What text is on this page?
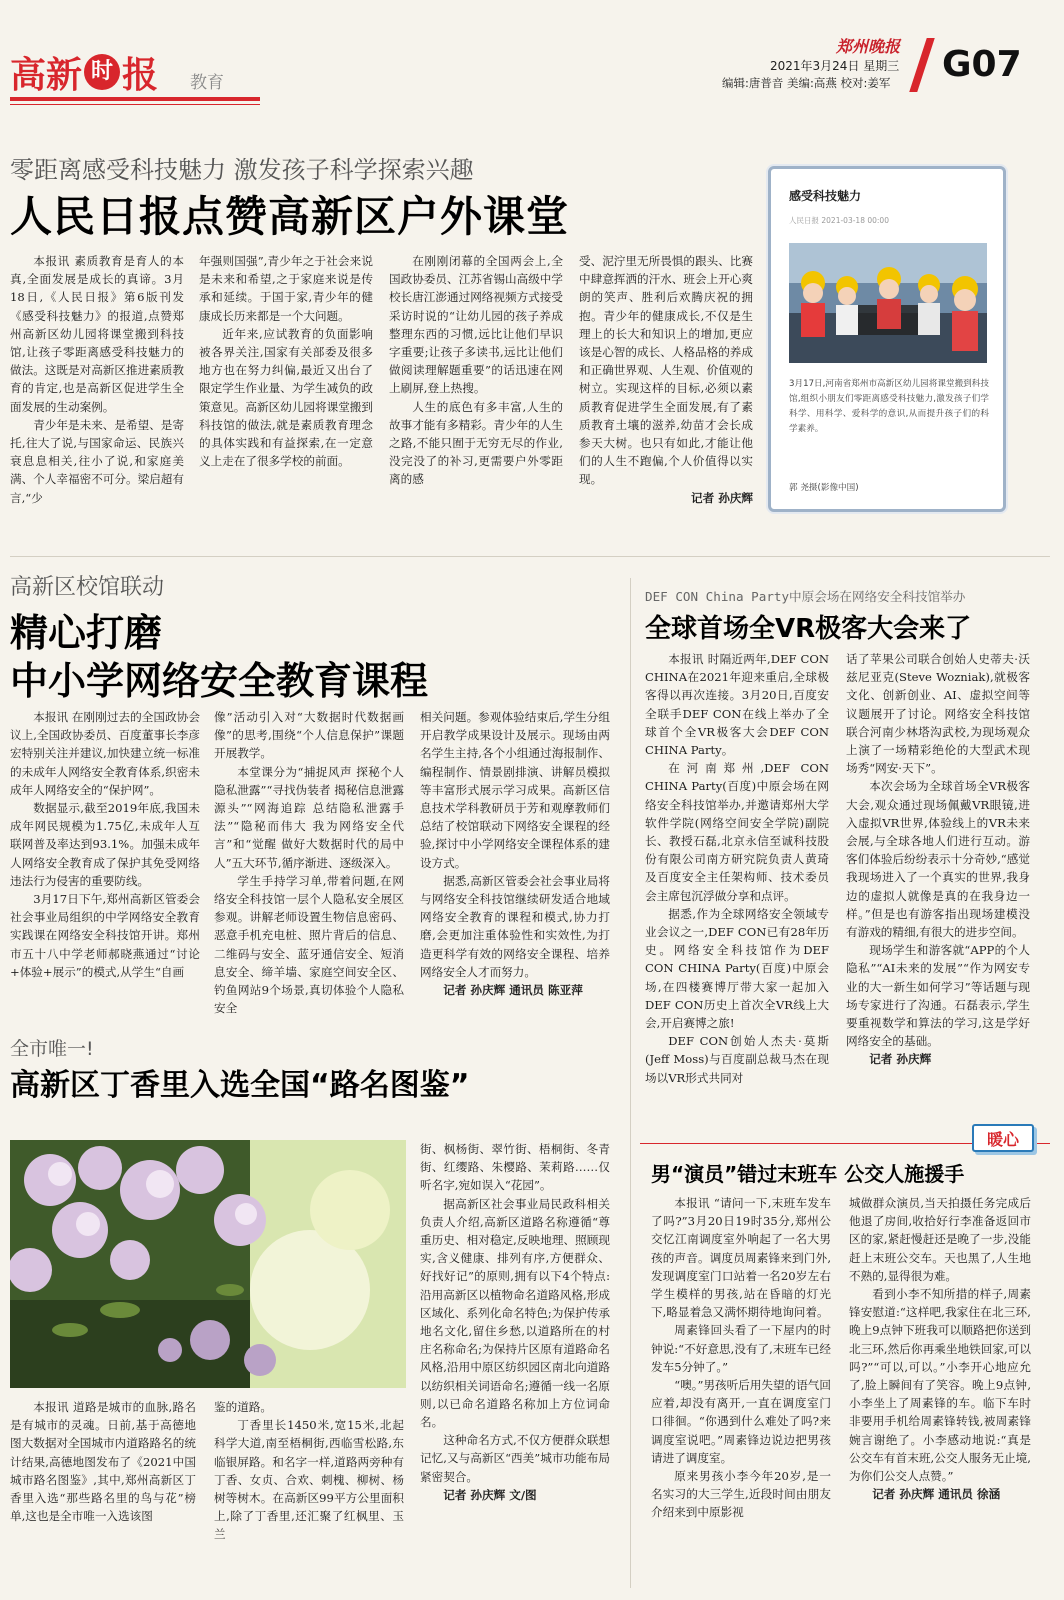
高新 时 报 教育
郑州晚报
2021年3月24日 星期三
编辑:唐普音 美编:高燕 校对:姜军 G07
零距离感受科技魅力 激发孩子科学探索兴趣
人民日报点赞高新区户外课堂

本报讯 素质教育是育人的本真,全面发展是成长的真谛。3月18日,《人民日报》第6版刊发《感受科技魅力》的报道,点赞郑州高新区幼儿园将课堂搬到科技馆,让孩子零距离感受科技魅力的做法。这既是对高新区推进素质教育的肯定,也是高新区促进学生全面发展的生动案例。

青少年是未来、是希望、是寄托,往大了说,与国家命运、民族兴衰息息相关,往小了说,和家庭美满、个人幸福密不可分。梁启超有言,“少

年强则国强”,青少年之于社会来说是未来和希望,之于家庭来说是传承和延续。于国于家,青少年的健康成长历来都是一个大问题。

近年来,应试教育的负面影响被各界关注,国家有关部委及很多地方也在努力纠偏,最近又出台了限定学生作业量、为学生减负的政策意见。高新区幼儿园将课堂搬到科技馆的做法,就是素质教育理念的具体实践和有益探索,在一定意义上走在了很多学校的前面。

在刚刚闭幕的全国两会上,全国政协委员、江苏省锡山高级中学校长唐江澎通过网络视频方式接受采访时说的“让幼儿园的孩子养成整理东西的习惯,远比让他们早识字重要;让孩子多读书,远比让他们做阅读理解题重要”的话迅速在网上刷屏,登上热搜。

人生的底色有多丰富,人生的故事才能有多精彩。青少年的人生之路,不能只囿于无穷无尽的作业,没完没了的补习,更需要户外零距离的感

受、泥泞里无所畏惧的跟头、比赛中肆意挥洒的汗水、班会上开心爽朗的笑声、胜利后欢腾庆祝的拥抱。青少年的健康成长,不仅是生理上的长大和知识上的增加,更应该是心智的成长、人格品格的养成和正确世界观、人生观、价值观的树立。实现这样的目标,必须以素质教育促进学生全面发展,有了素质教育土壤的滋养,幼苗才会长成参天大树。也只有如此,才能让他们的人生不跑偏,个人价值得以实现。

记者 孙庆辉

感受科技魅力
人民日报 2021-03-18 00:00
3月17日,河南省郑州市高新区幼儿园将课堂搬到科技馆,组织小朋友们零距离感受科技魅力,激发孩子们学科学、用科学、爱科学的意识,从而提升孩子们的科学素养。
郭 尧摄(影像中国)
高新区校馆联动
精心打磨
中小学网络安全教育课程

本报讯 在刚刚过去的全国政协会议上,全国政协委员、百度董事长李彦宏特别关注并建议,加快建立统一标准的未成年人网络安全教育体系,织密未成年人网络安全的“保护网”。

数据显示,截至2019年底,我国未成年网民规模为1.75亿,未成年人互联网普及率达到93.1%。加强未成年人网络安全教育成了保护其免受网络违法行为侵害的重要防线。

3月17日下午,郑州高新区管委会社会事业局组织的中学网络安全教育实践课在网络安全科技馆开讲。郑州市五十八中学老师郝晓燕通过“讨论+体验+展示”的模式,从学生“自画

像”活动引入对“大数据时代数据画像”的思考,围绕“个人信息保护”课题开展教学。

本堂课分为“捕捉风声 探秘个人隐私泄露”“寻找伪装者 揭秘信息泄露源头”“网海追踪 总结隐私泄露手法”“隐秘而伟大 我为网络安全代言”和“觉醒 做好大数据时代的局中人”五大环节,循序渐进、逐级深入。

学生手持学习单,带着问题,在网络安全科技馆一层个人隐私安全展区参观。讲解老师设置生物信息密码、恶意手机充电桩、照片背后的信息、二维码与安全、蓝牙通信安全、短消息安全、缔羊墙、家庭空间安全区、钓鱼网站9个场景,真切体验个人隐私安全

相关问题。参观体验结束后,学生分组开启教学成果设计及展示。现场由两名学生主持,各个小组通过海报制作、编程制作、情景剧排演、讲解员模拟等丰富形式展示学习成果。高新区信息技术学科教研员于芳和观摩教师们总结了校馆联动下网络安全课程的经验,探讨中小学网络安全课程体系的建设方式。

据悉,高新区管委会社会事业局将与网络安全科技馆继续研发适合地域网络安全教育的课程和模式,协力打磨,会更加注重体验性和实效性,为打造更科学有效的网络安全课程、培养网络安全人才而努力。

记者 孙庆辉 通讯员 陈亚萍

DEF CON China Party中原会场在网络安全科技馆举办
全球首场全VR极客大会来了

本报讯 时隔近两年,DEF CON CHINA在2021年迎来重启,全球极客得以再次连接。3月20日,百度安全联手DEF CON在线上举办了全球首个全VR极客大会DEF CON CHINA Party。

在河南郑州,DEF CON CHINA Party(百度)中原会场在网络安全科技馆举办,并邀请郑州大学软件学院(网络空间安全学院)副院长、教授石磊,北京永信至诚科技股份有限公司南方研究院负责人黄琦及百度安全主任架构师、技术委员会主席包沉浮做分享和点评。

据悉,作为全球网络安全领域专业会议之一,DEF CON已有28年历史。网络安全科技馆作为DEF CON CHINA Party(百度)中原会场,在四楼赛博厅带大家一起加入DEF CON历史上首次全VR线上大会,开启赛博之旅!

DEF CON创始人杰夫·莫斯(Jeff Moss)与百度副总裁马杰在现场以VR形式共同对

话了苹果公司联合创始人史蒂夫·沃兹尼亚克(Steve Wozniak),就极客文化、创新创业、AI、虚拟空间等议题展开了讨论。网络安全科技馆联合河南少林塔沟武校,为现场观众上演了一场精彩绝伦的大型武术现场秀“网安·天下”。

本次会场为全球首场全VR极客大会,观众通过现场佩戴VR眼镜,进入虚拟VR世界,体验线上的VR未来会展,与全球各地人们进行互动。游客们体验后纷纷表示十分奇妙,“感觉我现场进入了一个真实的世界,我身边的虚拟人就像是真的在我身边一样。”但是也有游客指出现场建模没有游戏的精细,有很大的进步空间。

现场学生和游客就“APP的个人隐私”“AI未来的发展”“作为网安专业的大一新生如何学习”等话题与现场专家进行了沟通。石磊表示,学生要重视数学和算法的学习,这是学好网络安全的基础。

记者 孙庆辉

全市唯一!
高新区丁香里入选全国“路名图鉴”

本报讯 道路是城市的血脉,路名是有城市的灵魂。日前,基于高德地图大数据对全国城市内道路路名的统计结果,高德地图发布了《2021中国城市路名图鉴》,其中,郑州高新区丁香里入选“那些路名里的鸟与花”榜单,这也是全市唯一入选该图

鉴的道路。

丁香里长1450米,宽15米,北起科学大道,南至梧桐街,西临雪松路,东临银屏路。和名字一样,道路两旁种有丁香、女贞、合欢、刺槐、柳树、杨树等树木。在高新区99平方公里面积上,除了丁香里,还汇聚了红枫里、玉兰

街、枫杨街、翠竹街、梧桐街、冬青街、红缨路、朱樱路、茉莉路……仅听名字,宛如误入“花园”。

据高新区社会事业局民政科相关负责人介绍,高新区道路名称遵循“尊重历史、相对稳定,反映地理、照顾现实,含义健康、排列有序,方便群众、好找好记”的原则,拥有以下4个特点:沿用高新区以植物命名道路风格,形成区域化、系列化命名特色;为保护传承地名文化,留住乡愁,以道路所在的村庄名称命名;为保持片区原有道路命名风格,沿用中原区纺织园区南北向道路以纺织相关词语命名;遵循一线一名原则,以已命名道路名称加上方位词命名。

这种命名方式,不仅方便群众联想记忆,又与高新区“西美”城市功能布局紧密契合。

记者 孙庆辉 文/图

暖心
男“演员”错过末班车 公交人施援手

本报讯 “请问一下,末班车发车了吗?”3月20日19时35分,郑州公交忆江南调度室外响起了一名大男孩的声音。调度员周素锋来到门外,发现调度室门口站着一名20岁左右学生模样的男孩,站在昏暗的灯光下,略显着急又满怀期待地询问着。

周素锋回头看了一下屋内的时钟说:“不好意思,没有了,末班车已经发车5分钟了。”

“噢。”男孩听后用失望的语气回应着,却没有离开,一直在调度室门口徘徊。“你遇到什么难处了吗?来调度室说吧。”周素锋边说边把男孩请进了调度室。

原来男孩小李今年20岁,是一名实习的大三学生,近段时间由朋友介绍来到中原影视

城做群众演员,当天拍摄任务完成后他退了房间,收拾好行李准备返回市区的家,紧赶慢赶还是晚了一步,没能赶上末班公交车。天也黑了,人生地不熟的,显得很为难。

看到小李不知所措的样子,周素锋安慰道:“这样吧,我家住在北三环,晚上9点钟下班我可以顺路把你送到北三环,然后你再乘坐地铁回家,可以吗?”“可以,可以。”小李开心地应允了,脸上瞬间有了笑容。晚上9点钟,小李坐上了周素锋的车。临下车时非要用手机给周素锋转钱,被周素锋婉言谢绝了。小李感动地说:“真是公交车有首末班,公交人服务无止境,为你们公交人点赞。”

记者 孙庆辉 通讯员 徐涵
